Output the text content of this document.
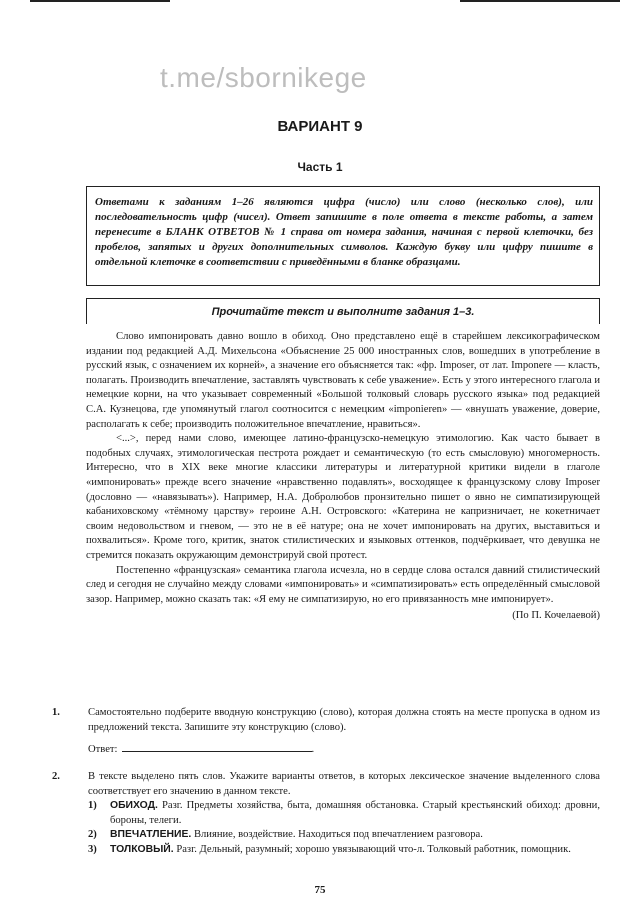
t.me/sbornikege
ВАРИАНТ 9
Часть 1
Ответами к заданиям 1–26 являются цифра (число) или слово (несколько слов), или последовательность цифр (чисел). Ответ запишите в поле ответа в тексте работы, а затем перенесите в БЛАНК ОТВЕТОВ № 1 справа от номера задания, начиная с первой клеточки, без пробелов, запятых и других дополнительных символов. Каждую букву или цифру пишите в отдельной клеточке в соответствии с приведёнными в бланке образцами.
Прочитайте текст и выполните задания 1–3.

Слово импонировать давно вошло в обиход. Оно представлено ещё в старейшем лексикографическом издании под редакцией А.Д. Михельсона «Объяснение 25 000 иностранных слов, вошедших в употребление в русский язык, с означением их корней», а значение его объясняется так: «фр. Imposer, от лат. Imponere — класть, полагать. Производить впечатление, заставлять чувствовать к себе уважение». Есть у этого интересного глагола и немецкие корни, на что указывает современный «Большой толковый словарь русского языка» под редакцией С.А. Кузнецова, где упомянутый глагол соотносится с немецким «imponieren» — «внушать уважение, доверие, располагать к себе; производить положительное впечатление, нравиться».

<...>, перед нами слово, имеющее латино-французско-немецкую этимологию. Как часто бывает в подобных случаях, этимологическая пестрота рождает и семантическую (то есть смысловую) многомерность. Интересно, что в XIX веке многие классики литературы и литературной критики видели в глаголе «импонировать» прежде всего значение «нравственно подавлять», восходящее к французскому слову Imposer (дословно — «навязывать»). Например, Н.А. Добролюбов пронзительно пишет о явно не симпатизирующей кабаниховскому «тёмному царству» героине А.Н. Островского: «Катерина не капризничает, не кокетничает своим недовольством и гневом, — это не в её натуре; она не хочет импонировать на других, выставиться и похвалиться». Кроме того, критик, знаток стилистических и языковых оттенков, подчёркивает, что девушка не стремится показать окружающим демонстрируй свой протест.

Постепенно «французская» семантика глагола исчезла, но в сердце слова остался давний стилистический след и сегодня не случайно между словами «импонировать» и «симпатизировать» есть определённый смысловой зазор. Например, можно сказать так: «Я ему не симпатизирую, но его привязанность мне импонирует».

(По П. Кочелаевой)

1.	Самостоятельно подберите вводную конструкцию (слово), которая должна стоять на месте пропуска в одном из предложений текста. Запишите эту конструкцию (слово).
Ответ:	.
2.	В тексте выделено пять слов. Укажите варианты ответов, в которых лексическое значение выделенного слова соответствует его значению в данном тексте.
1) ОБИХОД. Разг. Предметы хозяйства, быта, домашняя обстановка. Старый крестьянский обиход: дровни, бороны, телеги.
2) ВПЕЧАТЛЕНИЕ. Влияние, воздействие. Находиться под впечатлением разговора.
3) ТОЛКОВЫЙ. Разг. Дельный, разумный; хорошо увязывающий что-л. Толковый работник, помощник.
75
